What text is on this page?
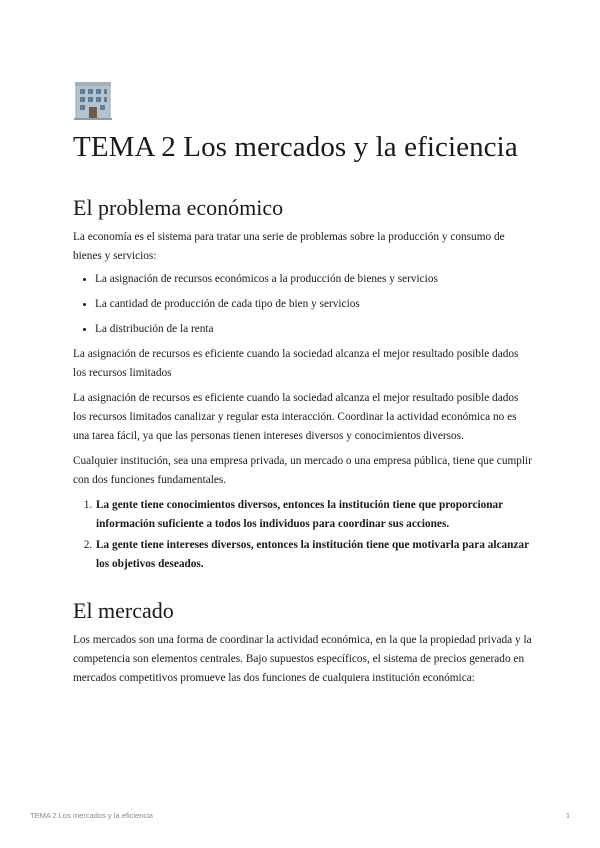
TEMA 2 Los mercados y la eficiencia
El problema económico

La economía es el sistema para tratar una serie de problemas sobre la producción y consumo de bienes y servicios:

• La asignación de recursos económicos a la producción de bienes y servicios
• La cantidad de producción de cada tipo de bien y servicios
• La distribución de la renta

La asignación de recursos es eficiente cuando la sociedad alcanza el mejor resultado posible dados los recursos limitados

La asignación de recursos es eficiente cuando la sociedad alcanza el mejor resultado posible dados los recursos limitados canalizar y regular esta interacción. Coordinar la actividad económica no es una tarea fácil, ya que las personas tienen intereses diversos y conocimientos diversos.

Cualquier institución, sea una empresa privada, un mercado o una empresa pública, tiene que cumplir con dos funciones fundamentales.

1. La gente tiene conocimientos diversos, entonces la institución tiene que proporcionar información suficiente a todos los individuos para coordinar sus acciones.
2. La gente tiene intereses diversos, entonces la institución tiene que motivarla para alcanzar los objetivos deseados.
El mercado

Los mercados son una forma de coordinar la actividad económica, en la que la propiedad privada y la competencia son elementos centrales. Bajo supuestos específicos, el sistema de precios generado en mercados competitivos promueve las dos funciones de cualquiera institución económica:

TEMA 2 Los mercados y la eficiencia	1
